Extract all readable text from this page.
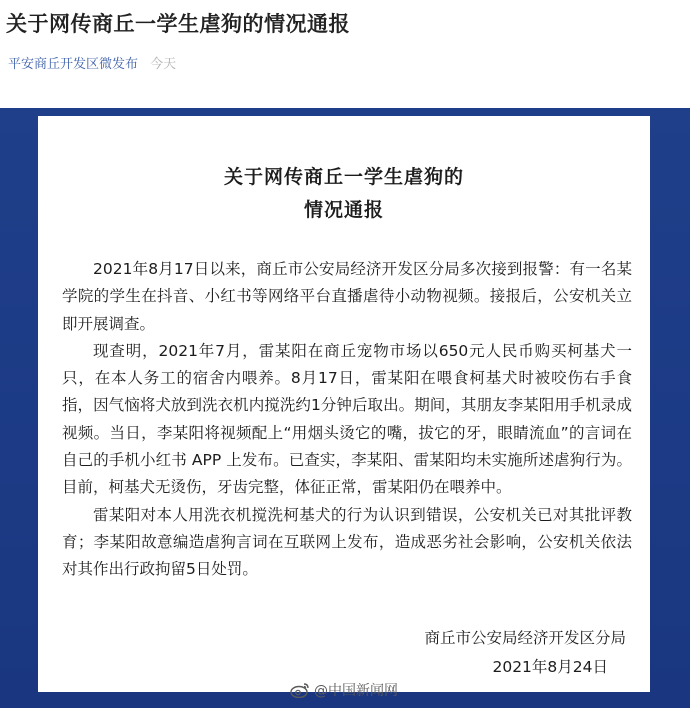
关于网传商丘一学生虐狗的情况通报
平安商丘开发区微发布 今天
关于网传商丘一学生虐狗的
情况通报

2021年8月17日以来，商丘市公安局经济开发区分局多次接到报警：有一名某学院的学生在抖音、小红书等网络平台直播虐待小动物视频。接报后，公安机关立即开展调查。

现查明，2021年7月，雷某阳在商丘宠物市场以650元人民币购买柯基犬一只，在本人务工的宿舍内喂养。8月17日，雷某阳在喂食柯基犬时被咬伤右手食指，因气恼将犬放到洗衣机内搅洗约1分钟后取出。期间，其朋友李某阳用手机录成视频。当日，李某阳将视频配上“用烟头烫它的嘴，拔它的牙，眼睛流血”的言词在自己的手机小红书 APP 上发布。已查实，李某阳、雷某阳均未实施所述虐狗行为。目前，柯基犬无烫伤，牙齿完整，体征正常，雷某阳仍在喂养中。

雷某阳对本人用洗衣机搅洗柯基犬的行为认识到错误，公安机关已对其批评教育；李某阳故意编造虐狗言词在互联网上发布，造成恶劣社会影响，公安机关依法对其作出行政拘留5日处罚。

商丘市公安局经济开发区分局
2021年8月24日
@中国新闻网
